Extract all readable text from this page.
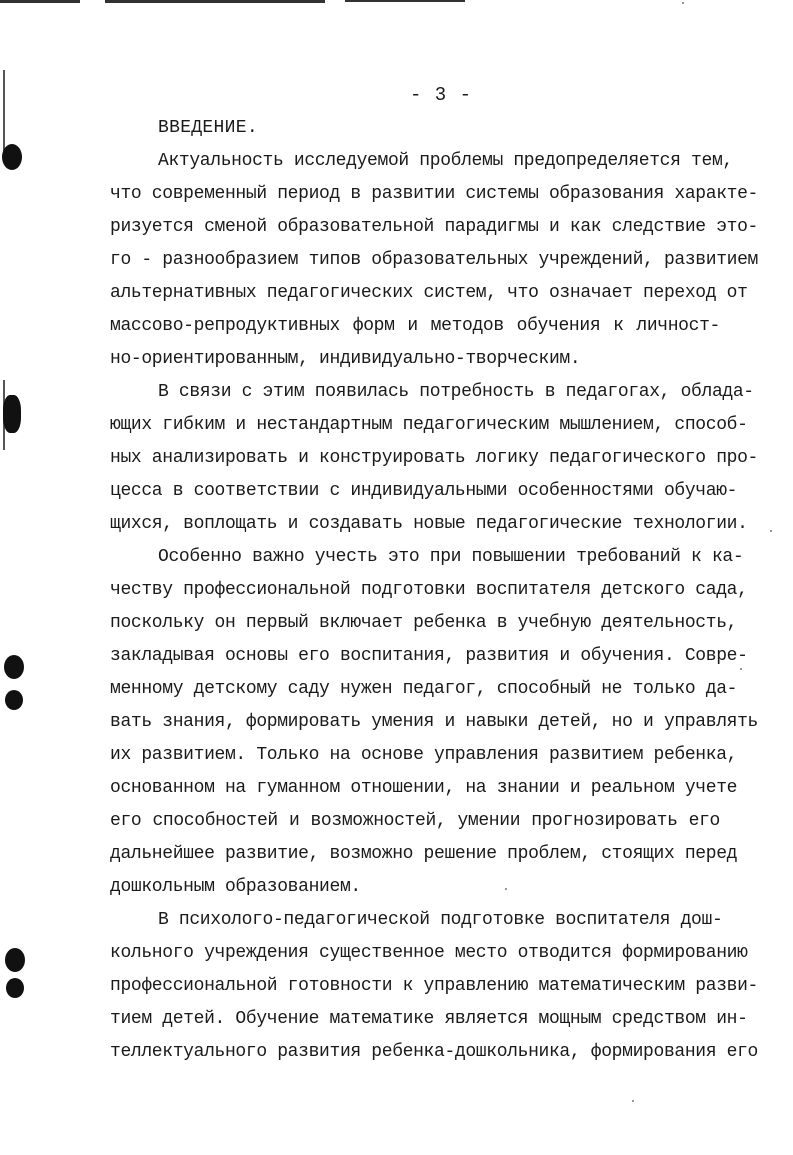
- 3 -
ВВЕДЕНИЕ.
Актуальность исследуемой проблемы предопределяется тем,
что современный период в развитии системы образования характе-
ризуется сменой образовательной парадигмы и как следствие это-
го - разнообразием типов образовательных учреждений, развитием
альтернативных педагогических систем, что означает переход от
массово-репродуктивных форм и методов обучения к личност-
но-ориентированным, индивидуально-творческим.
В связи с этим появилась потребность в педагогах, облада-
ющих гибким и нестандартным педагогическим мышлением, способ-
ных анализировать и конструировать логику педагогического про-
цесса в соответствии с индивидуальными особенностями обучаю-
щихся, воплощать и создавать новые педагогические технологии.
Особенно важно учесть это при повышении требований к ка-
честву профессиональной подготовки воспитателя детского сада,
поскольку он первый включает ребенка в учебную деятельность,
закладывая основы его воспитания, развития и обучения. Совре-
менному детскому саду нужен педагог, способный не только да-
вать знания, формировать умения и навыки детей, но и управлять
их развитием. Только на основе управления развитием ребенка,
основанном на гуманном отношении, на знании и реальном учете
его способностей и возможностей, умении прогнозировать его
дальнейшее развитие, возможно решение проблем, стоящих перед
дошкольным образованием.
В психолого-педагогической подготовке воспитателя дош-
кольного учреждения существенное место отводится формированию
профессиональной готовности к управлению математическим разви-
тием детей. Обучение математике является мощным средством ин-
теллектуального развития ребенка-дошкольника, формирования его
